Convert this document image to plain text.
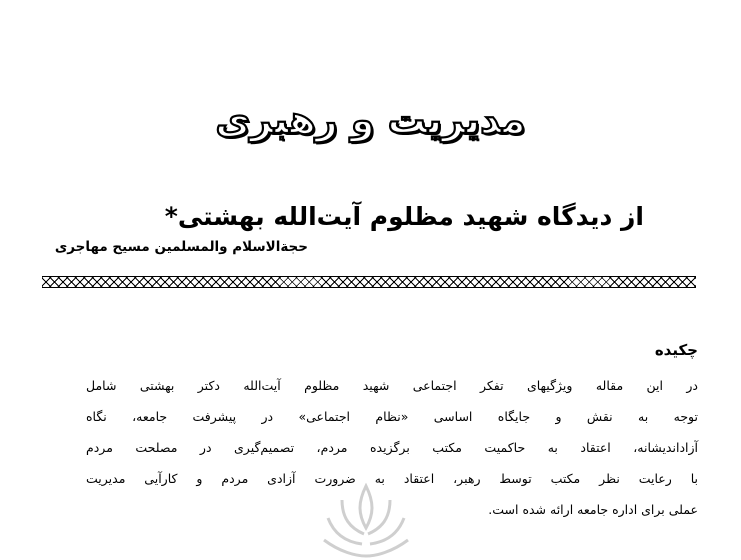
مدیریت و رهبری
از دیدگاه شهید مظلوم آیت‌الله بهشتی*
حجة‌الاسلام والمسلمین مسیح مهاجری
چکیده
در این مقاله ویژگیهای تفکر اجتماعی شهید مظلوم آیت‌الله دکتر بهشتی شامل
توجه به نقش و جایگاه اساسی «نظام اجتماعی» در پیشرفت جامعه، نگاه
آزاداندیشانه، اعتقاد به حاکمیت مکتب برگزیده مردم، تصمیم‌گیری در مصلحت مردم
با رعایت نظر مکتب توسط رهبر، اعتقاد به ضرورت آزادی مردم و کارآیی مدیریت
عملی برای اداره جامعه ارائه شده است.
